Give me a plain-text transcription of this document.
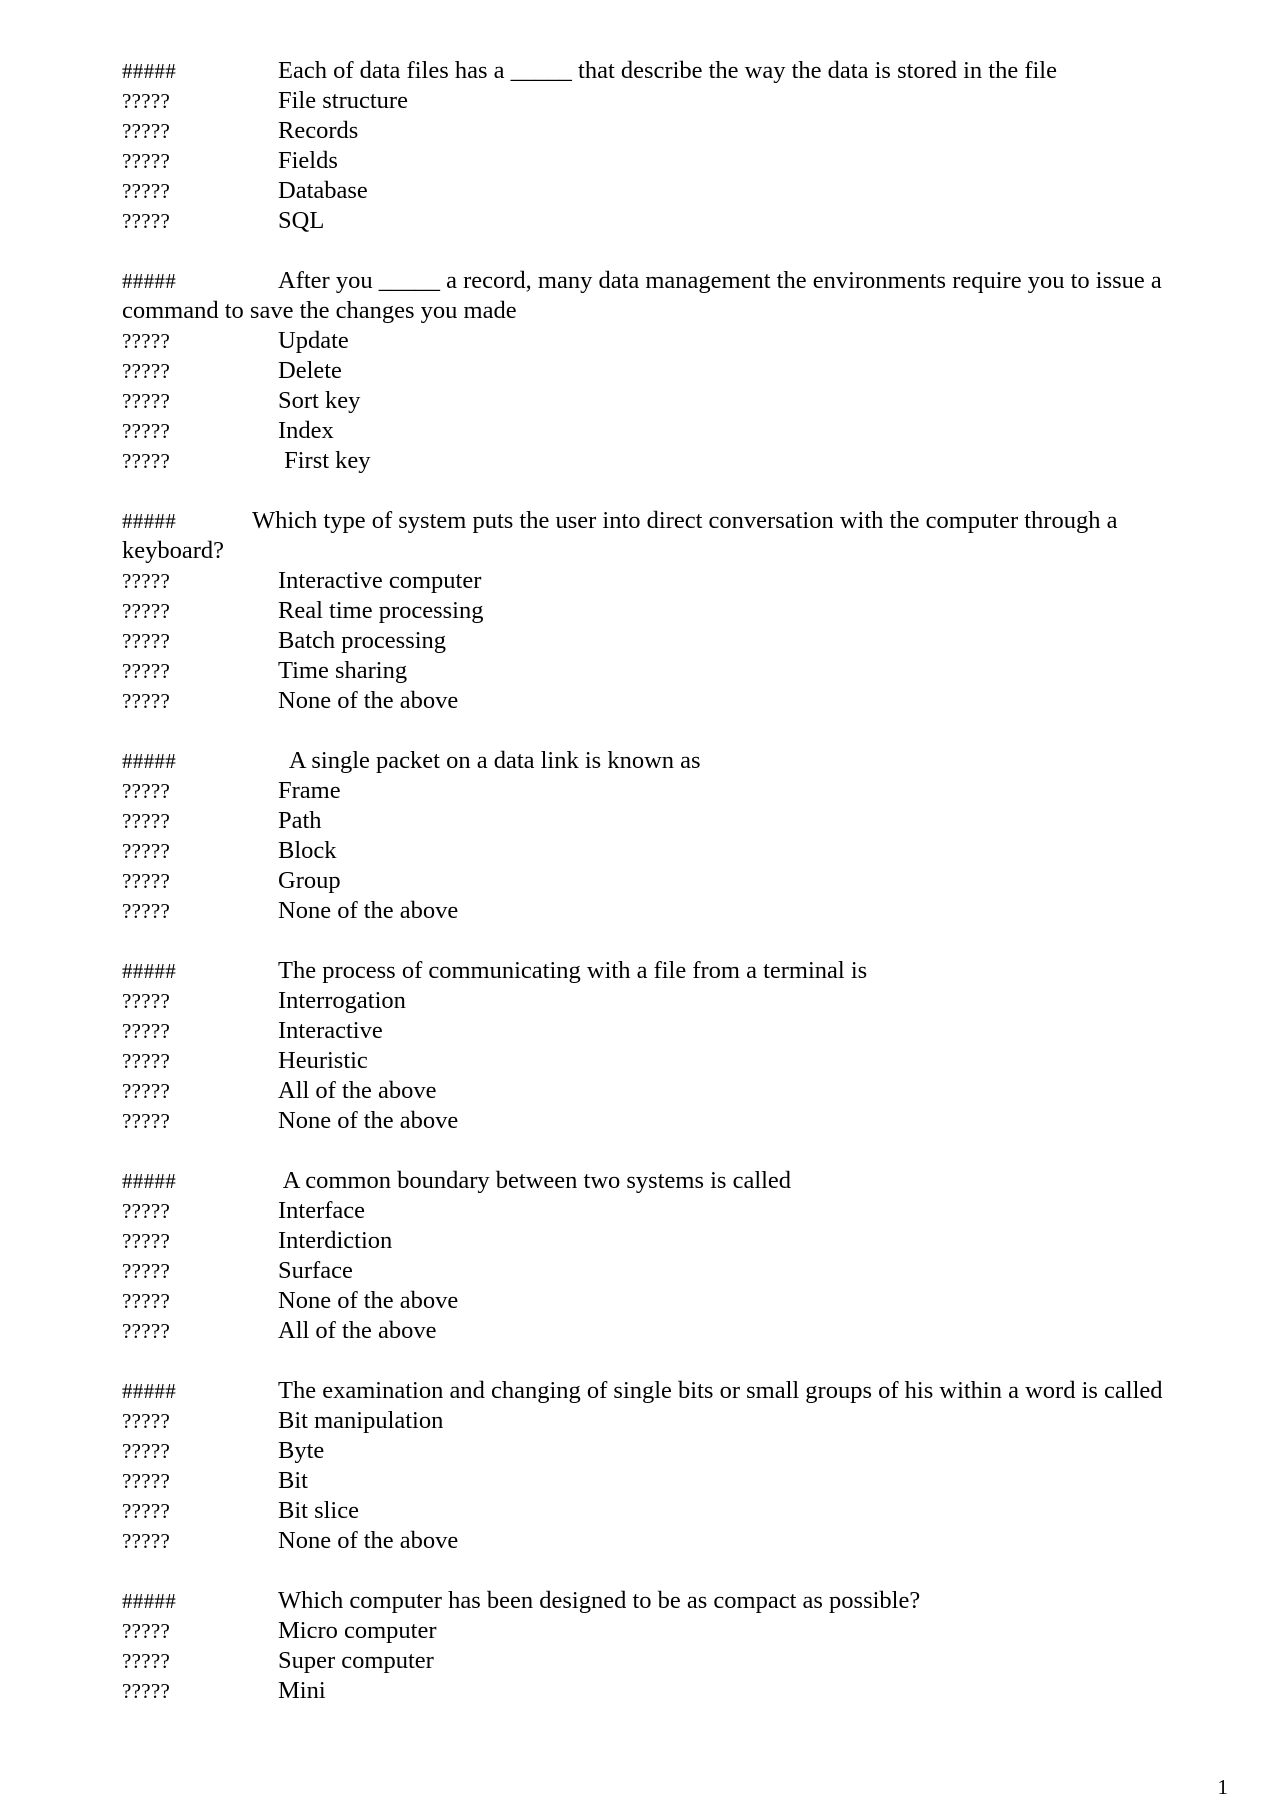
#####	Each of data files has a _____ that describe the way the data is stored in the file
?????	File structure
?????	Records
?????	Fields
?????	Database
?????	SQL
#####	After you _____ a record, many data management the environments require you to issue a command to save the changes you made
?????	Update
?????	Delete
?????	Sort key
?????	Index
?????	First key
#####	Which type of system puts the user into direct conversation with the computer through a keyboard?
?????	Interactive computer
?????	Real time processing
?????	Batch processing
?????	Time sharing
?????	None of the above
#####	A single packet on a data link is known as
?????	Frame
?????	Path
?????	Block
?????	Group
?????	None of the above
#####	The process of communicating with a file from a terminal is
?????	Interrogation
?????	Interactive
?????	Heuristic
?????	All of the above
?????	None of the above
#####	A common boundary between two systems is called
?????	Interface
?????	Interdiction
?????	Surface
?????	None of the above
?????	All of the above
#####	The examination and changing of single bits or small groups of his within a word is called
?????	Bit manipulation
?????	Byte
?????	Bit
?????	Bit slice
?????	None of the above
#####	Which computer has been designed to be as compact as possible?
?????	Micro computer
?????	Super computer
?????	Mini
1
